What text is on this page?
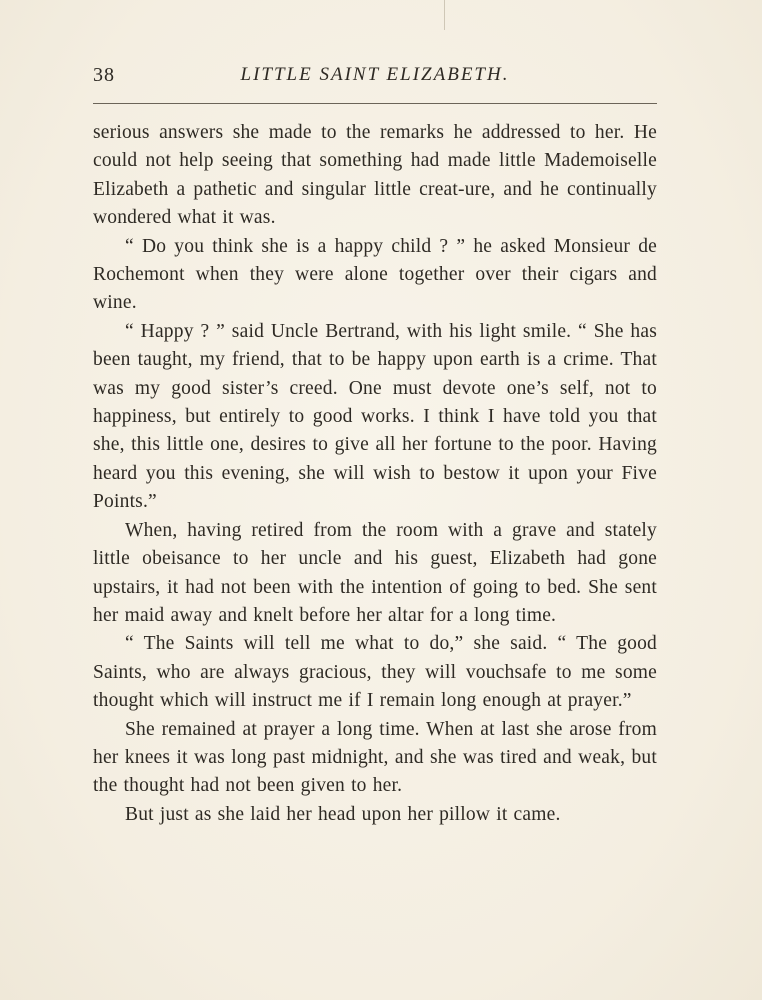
38	LITTLE SAINT ELIZABETH.

serious answers she made to the remarks he addressed to her. He could not help seeing that something had made little Mademoiselle Elizabeth a pathetic and singular little creat-ure, and he continually wondered what it was.

“ Do you think she is a happy child ? ” he asked Monsieur de Rochemont when they were alone together over their cigars and wine.

“ Happy ? ” said Uncle Bertrand, with his light smile. “ She has been taught, my friend, that to be happy upon earth is a crime. That was my good sister’s creed. One must devote one’s self, not to happiness, but entirely to good works. I think I have told you that she, this little one, desires to give all her fortune to the poor. Having heard you this evening, she will wish to bestow it upon your Five Points.”

When, having retired from the room with a grave and stately little obeisance to her uncle and his guest, Elizabeth had gone upstairs, it had not been with the intention of going to bed. She sent her maid away and knelt before her altar for a long time.

“ The Saints will tell me what to do,” she said. “ The good Saints, who are always gracious, they will vouchsafe to me some thought which will instruct me if I remain long enough at prayer.”

She remained at prayer a long time. When at last she arose from her knees it was long past midnight, and she was tired and weak, but the thought had not been given to her.

But just as she laid her head upon her pillow it came.
